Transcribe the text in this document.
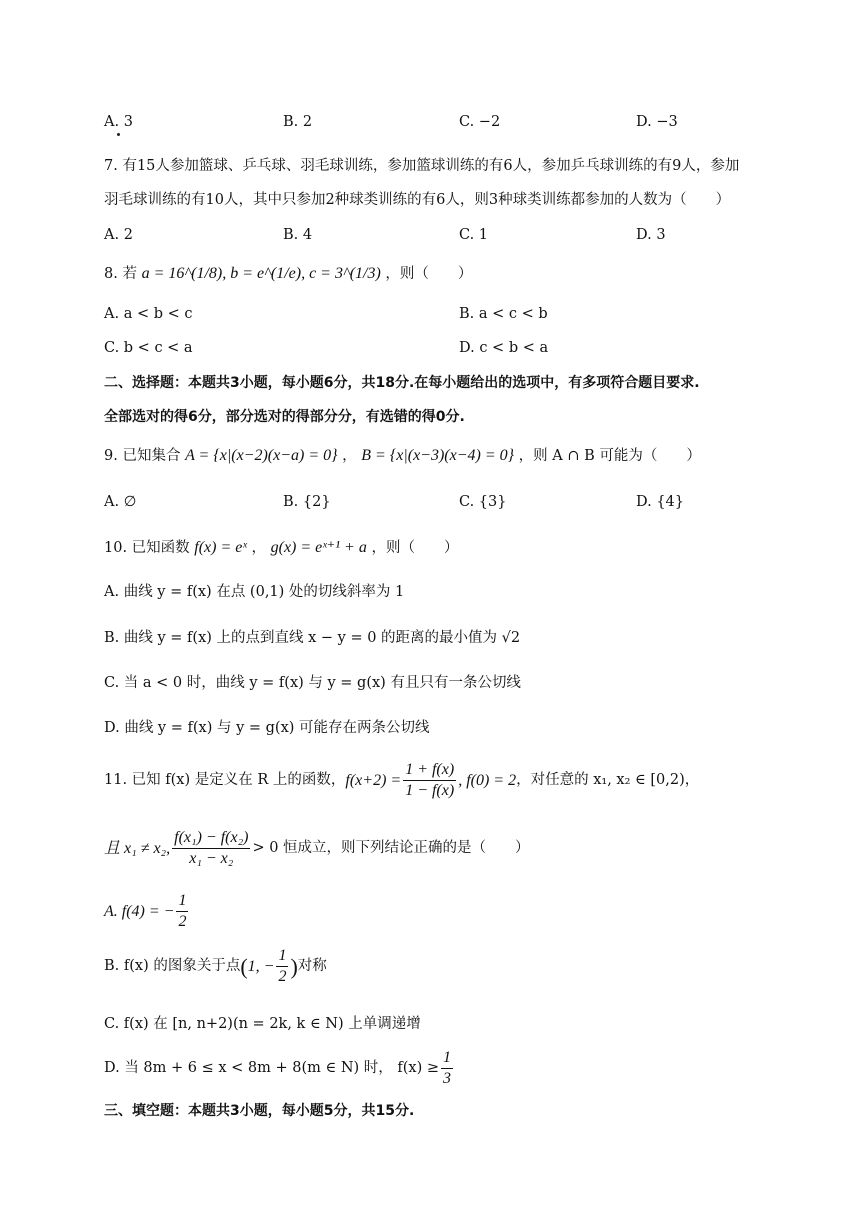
A. 3	B. 2	C. −2	D. −3
7. 有15人参加篮球、乒乓球、羽毛球训练，参加篮球训练的有6人，参加乒乓球训练的有9人，参加
羽毛球训练的有10人，其中只参加2种球类训练的有6人，则3种球类训练都参加的人数为（　　）
A. 2	B. 4	C. 1	D. 3
8. 若 a = 16^(1/8), b = e^(1/e), c = 3^(1/3) ，则（　　）
A. a < b < c	B. a < c < b
C. b < c < a	D. c < b < a
二、选择题：本题共3小题，每小题6分，共18分.在每小题给出的选项中，有多项符合题目要求.
全部选对的得6分，部分选对的得部分分，有选错的得0分.
9. 已知集合 A = {x|(x−2)(x−a) = 0} ， B = {x|(x−3)(x−4) = 0} ，则 A ∩ B 可能为（　　）
A. ∅	B. {2}	C. {3}	D. {4}
10. 已知函数 f(x) = eˣ ， g(x) = eˣ⁺¹ + a ，则（　　）
A. 曲线 y = f(x) 在点 (0,1) 处的切线斜率为 1
B. 曲线 y = f(x) 上的点到直线 x − y = 0 的距离的最小值为 √2
C. 当 a < 0 时，曲线 y = f(x) 与 y = g(x) 有且只有一条公切线
D. 曲线 y = f(x) 与 y = g(x) 可能存在两条公切线
11. 已知 f(x) 是定义在 R 上的函数， $f(x+2) = \frac{1 + f(x)}{1 - f(x)}$ , f(0) = 2 ，对任意的 x₁, x₂ ∈ [0,2)，
且 x₁ ≠ x₂, $\frac{\text{f(x₁) − f(x₂)}}{\text{x₁ − x₂}} > 0$ 恒成立，则下列结论正确的是（　　）
A. f(4) = − $\frac{1}{2}$
B. f(x) 的图象关于点 ( 1, − $\frac{1}{2}$ ) 对称
C. f(x) 在 [n, n+2)(n = 2k, k ∈ N) 上单调递增
D. 当 8m + 6 ≤ x < 8m + 8(m ∈ N) 时， $f(x) \ge \frac{1}{3}$
三、填空题：本题共3小题，每小题5分，共15分.
